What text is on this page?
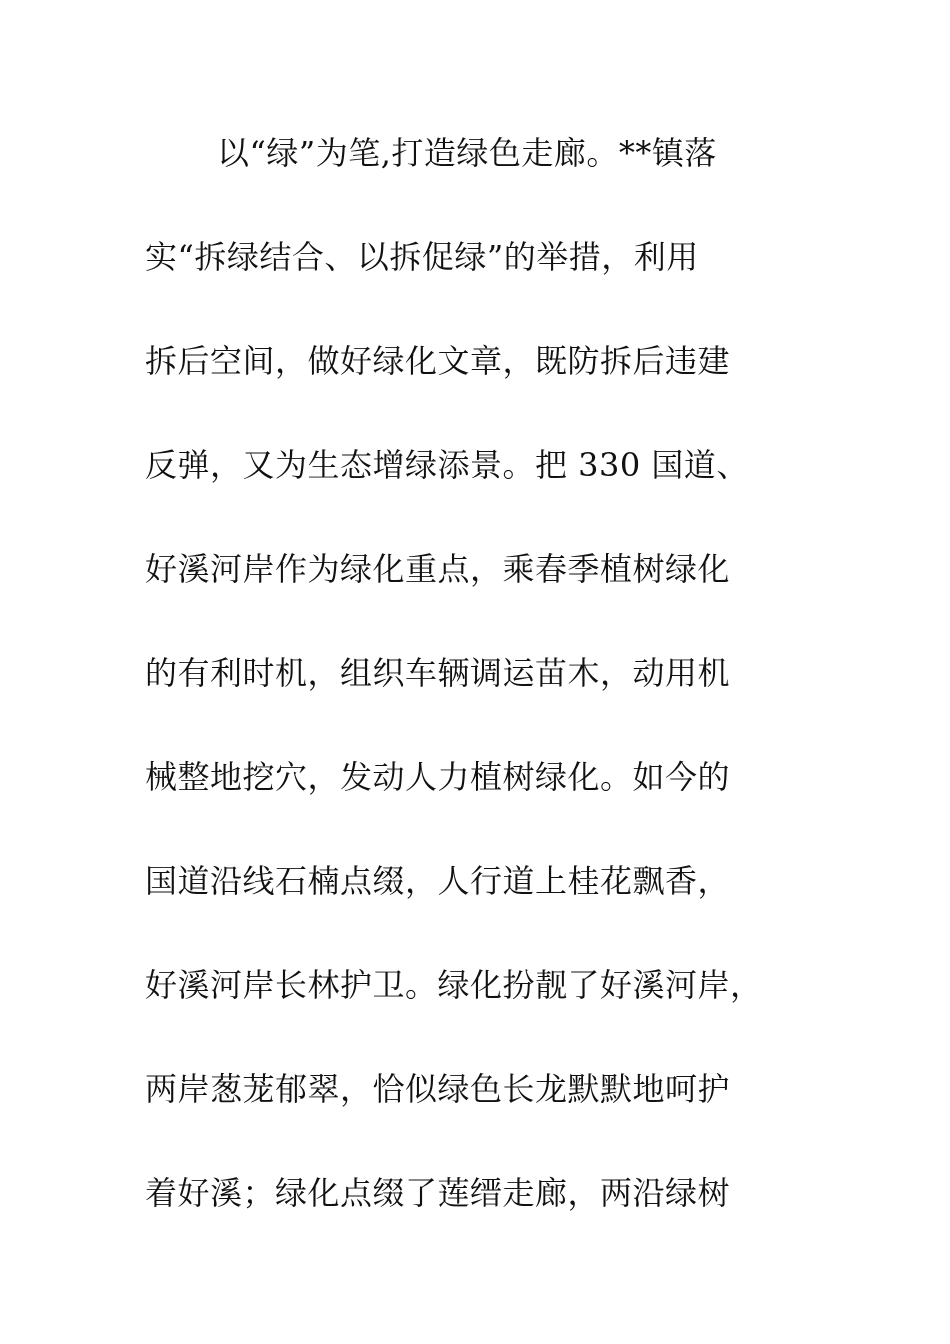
以“绿”为笔,打造绿色走廊。**镇落
实“拆绿结合、以拆促绿”的举措，利用
拆后空间，做好绿化文章，既防拆后违建
反弹，又为生态增绿添景。把 330 国道、
好溪河岸作为绿化重点，乘春季植树绿化
的有利时机，组织车辆调运苗木，动用机
械整地挖穴，发动人力植树绿化。如今的
国道沿线石楠点缀，人行道上桂花飘香，
好溪河岸长林护卫。绿化扮靓了好溪河岸，
两岸葱茏郁翠，恰似绿色长龙默默地呵护
着好溪；绿化点缀了莲缙走廊，两沿绿树
